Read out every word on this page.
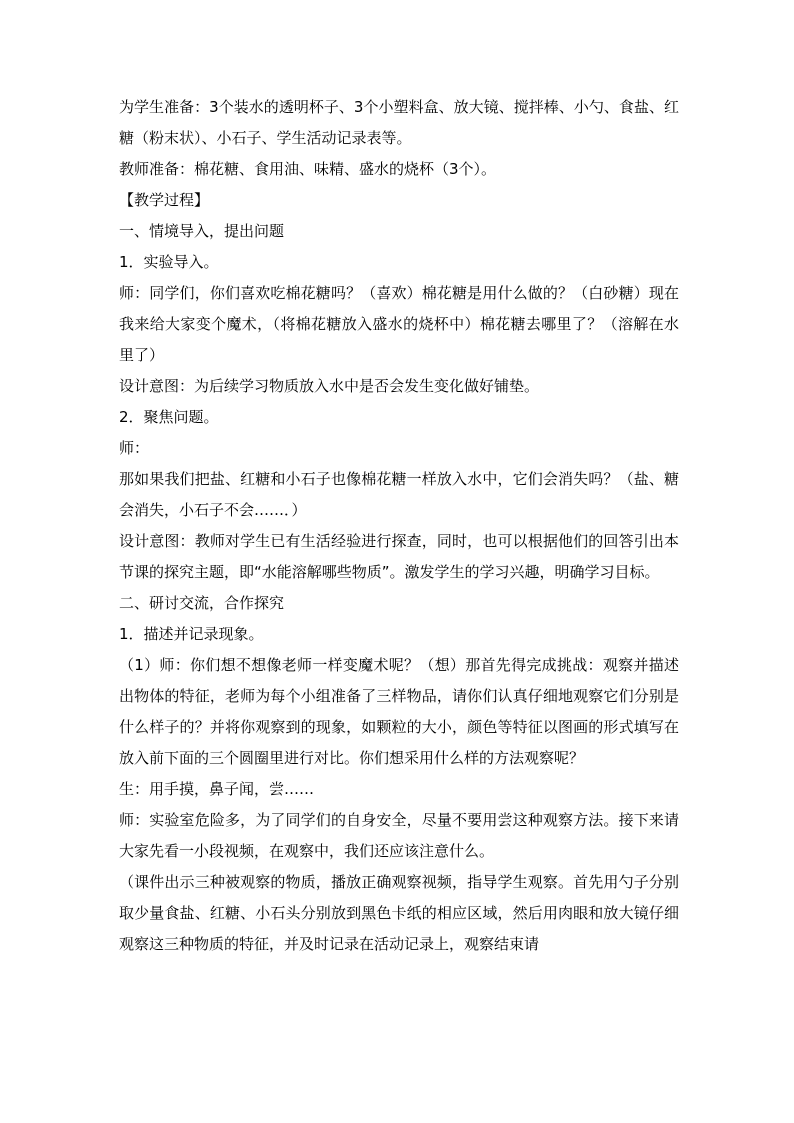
为学生准备：3个装水的透明杯子、3个小塑料盒、放大镜、搅拌棒、小勺、食盐、红糖（粉末状）、小石子、学生活动记录表等。

教师准备：棉花糖、食用油、味精、盛水的烧杯（3个）。

【教学过程】

一、情境导入，提出问题

1．实验导入。

师：同学们，你们喜欢吃棉花糖吗？（喜欢）棉花糖是用什么做的？（白砂糖）现在我来给大家变个魔术，（将棉花糖放入盛水的烧杯中）棉花糖去哪里了？（溶解在水里了）

设计意图：为后续学习物质放入水中是否会发生变化做好铺垫。

2．聚焦问题。

师：

那如果我们把盐、红糖和小石子也像棉花糖一样放入水中，它们会消失吗？（盐、糖会消失，小石子不会……．）

设计意图：教师对学生已有生活经验进行探查，同时，也可以根据他们的回答引出本节课的探究主题，即“水能溶解哪些物质”。激发学生的学习兴趣，明确学习目标。

二、研讨交流，合作探究

1．描述并记录现象。

（1）师：你们想不想像老师一样变魔术呢？（想）那首先得完成挑战：观察并描述出物体的特征，老师为每个小组准备了三样物品，请你们认真仔细地观察它们分别是什么样子的？并将你观察到的现象，如颗粒的大小，颜色等特征以图画的形式填写在放入前下面的三个圆圈里进行对比。你们想采用什么样的方法观察呢？

生：用手摸，鼻子闻，尝……

师：实验室危险多，为了同学们的自身安全，尽量不要用尝这种观察方法。接下来请大家先看一小段视频，在观察中，我们还应该注意什么。

（课件出示三种被观察的物质，播放正确观察视频，指导学生观察。首先用勺子分别取少量食盐、红糖、小石头分别放到黑色卡纸的相应区域，然后用肉眼和放大镜仔细观察这三种物质的特征，并及时记录在活动记录上，观察结束请
